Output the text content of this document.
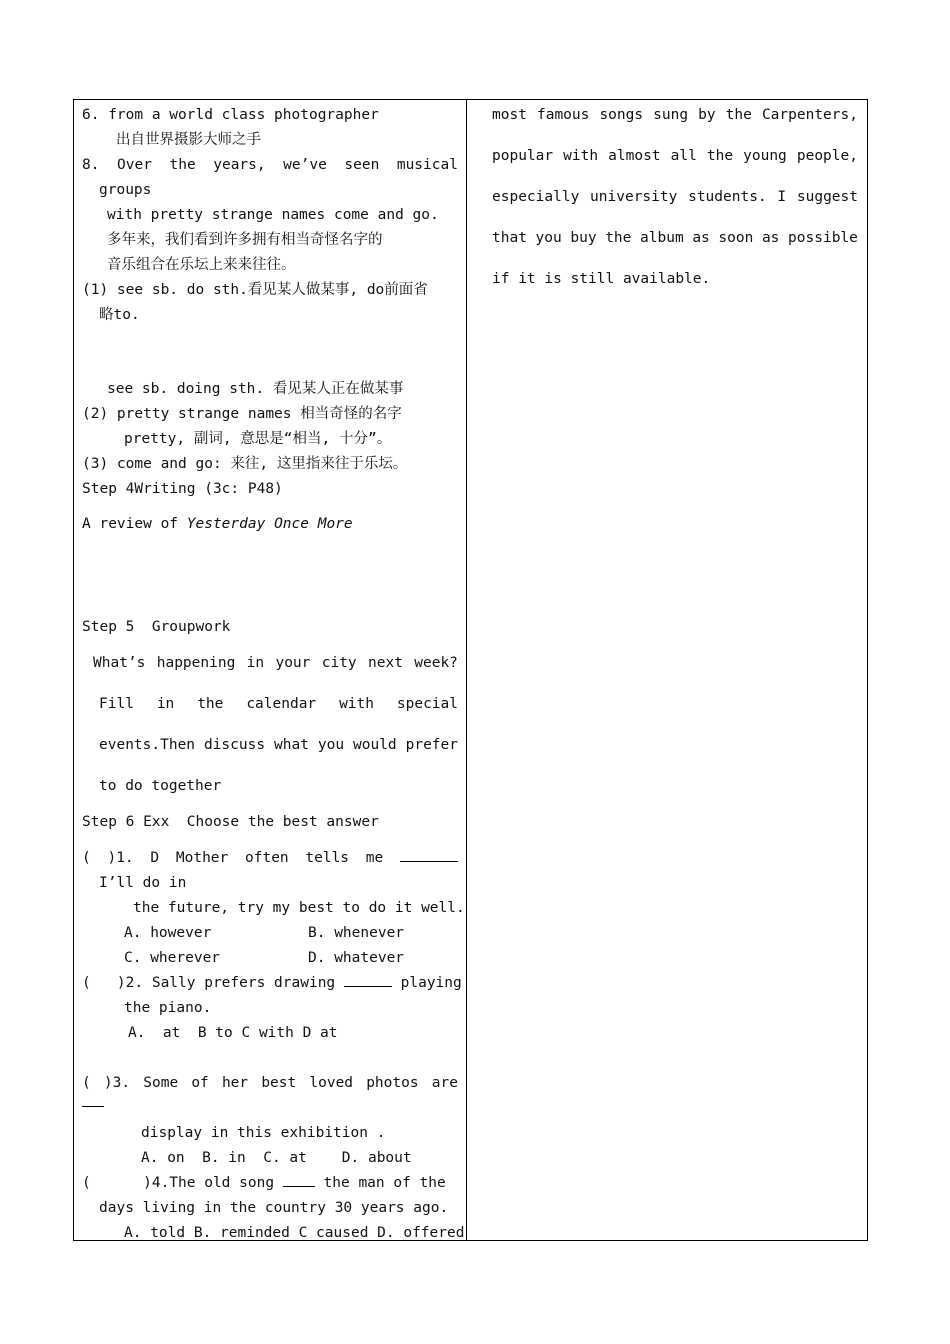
6. from a world class photographer
出自世界摄影大师之手
8. Over the years, we’ve seen musical
groups
with pretty strange names come and go.
多年来，我们看到许多拥有相当奇怪名字的
音乐组合在乐坛上来来往往。
(1) see sb. do sth.看见某人做某事, do前面省
略to.
see sb. doing sth. 看见某人正在做某事
(2) pretty strange names 相当奇怪的名字
pretty, 副词, 意思是“相当, 十分”。
(3) come and go: 来往, 这里指来往于乐坛。
Step 4Writing (3c: P48)
A review of Yesterday Once More
Step 5  Groupwork
What’s happening in your city next week?
Fill in the calendar with special
events.Then discuss what you would prefer
to do together
Step 6 Exx  Choose the best answer
( )1. D Mother often tells me
I’ll do in
the future, try my best to do it well.
A. however	B. whenever
C. wherever	D. whatever
(   )2. Sally prefers drawing	playing
the piano.
A.  at  B to C with D at
( )3. Some of her best loved photos are
display in this exhibition .
A. on  B. in  C. at    D. about
(      )4.The old song	the man of the
days living in the country 30 years ago.
A. told B. reminded C caused D. offered
most famous songs sung by the Carpenters,
popular with almost all the young people,
especially university students. I suggest
that you buy the album as soon as possible
if it is still available.
